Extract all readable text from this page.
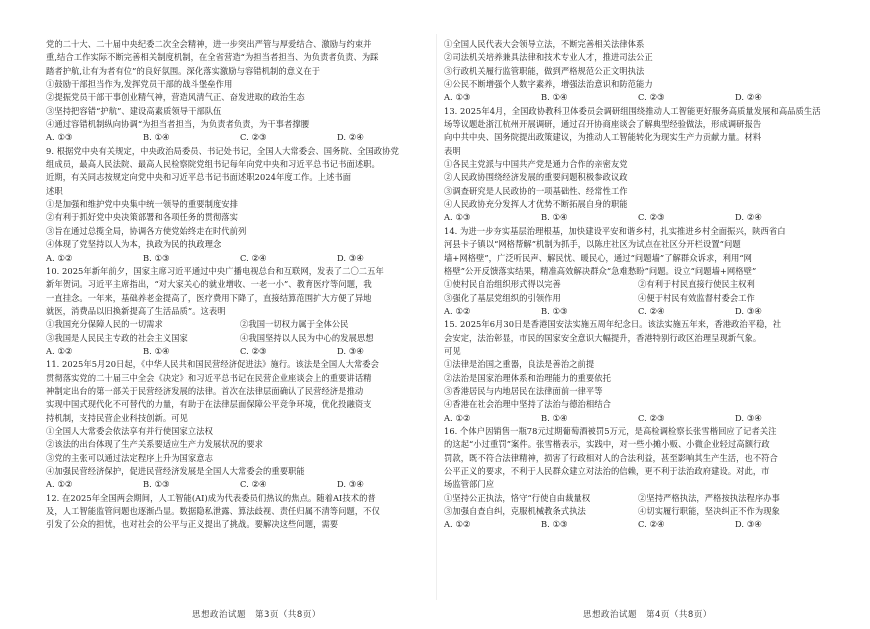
党的二十大、二十届中央纪委二次全会精神，进一步突出严管与厚爱结合、激励与约束并
重,结合工作实际不断完善相关制度机制，在全省营造“为担当者担当、为负责者负责、为踩
踏者护航,让有为者有位”的良好氛围。深化落实激励与容错机制的意义在于
①鼓励干部担当作为,发挥党员干部的战斗堡垒作用
②提振党员干部干事创业精气神，营造风清气正、奋发进取的政治生态
③坚持把容错“护航”、建设高素质领导干部队伍
④通过容错机制纵向协调“为担当者担当，为负责者负责，为干事者撑腰
A. ①③	B. ①④	C. ②③	D. ②④
9. 根据党中央有关规定，中央政治局委员、书记处书记，全国人大常委会、国务院、全国政协党
组成员，最高人民法院、最高人民检察院党组书记每年向党中央和习近平总书记书面述职。
近期，有关同志按规定向党中央和习近平总书记书面述职2024年度工作。上述书面
述职
①是加强和维护党中央集中统一领导的重要制度安排
②有利于抓好党中央决策部署和各项任务的贯彻落实
③旨在通过总揽全局，协调各方使党始终走在时代前列
④体现了党坚持以人为本，执政为民的执政理念
A. ①②	B. ①③	C. ②④	D. ③④
10. 2025年新年前夕，国家主席习近平通过中央广播电视总台和互联网，发表了二〇二五年
新年贺词。习近平主席指出，“对大家关心的就业增收、一老一小”、教育医疗等问题，我
一直挂念。一年来，基础养老金提高了，医疗费用下降了，直接结算范围扩大方便了异地
就医，消费品以旧换新提高了生活品质”。这表明
①我国充分保障人民的一切需求	②我国一切权力属于全体公民
③我国是人民民主专政的社会主义国家	④我国坚持以人民为中心的发展思想
A. ①②	B. ①④	C. ②③	D. ③④
11. 2025年5月20日起，《中华人民共和国民营经济促进法》施行。该法是全国人大常委会
贯彻落实党的二十届三中全会《决定》和习近平总书记在民营企业座谈会上的重要讲话精
神制定出台的第一部关于民营经济发展的法律。首次在法律层面确认了民营经济是推动
实现中国式现代化不可替代的力量，有助于在法律层面保障公平竞争环境，优化投融资支
持机制，支持民营企业科技创新。可见
①全国人大常委会依法享有并行使国家立法权
②该法的出台体现了生产关系要适应生产力发展状况的要求
③党的主张可以通过法定程序上升为国家意志
④加强民营经济保护，促进民营经济发展是全国人大常委会的重要职能
A. ①②	B. ①③	C. ②④	D. ③④
12. 在2025年全国两会期间，人工智能(AI)成为代表委员们热议的焦点。随着AI技术的普
及，人工智能监管问题也逐渐凸显。数据隐私泄露、算法歧视、责任归属不清等问题，不仅
引发了公众的担忧，也对社会的公平与正义提出了挑战。要解决这些问题，需要
①全国人民代表大会领导立法，不断完善相关法律体系
②司法机关培养兼具法律和技术专业人才，推进司法公正
③行政机关履行监管职能，做到严格规范公正文明执法
④公民不断增强个人数字素养，增强法治意识和防范能力
A. ①③	B. ①④	C. ②③	D. ②④
13. 2025年4月，全国政协教科卫体委员会调研组围绕推动人工智能更好服务高质量发展和高品质生活
场等议题赴浙江杭州开展调研，通过召开协商座谈会了解典型经验做法，形成调研报告
向中共中央、国务院提出政策建议，为推动人工智能转化为现实生产力贡献力量。材料
表明
①各民主党派与中国共产党是通力合作的亲密友党
②人民政协围绕经济发展的重要问题积极参政议政
③调查研究是人民政协的一项基础性、经常性工作
④人民政协充分发挥人才优势不断拓展自身的职能
A. ①③	B. ①④	C. ②③	D. ②④
14. 为进一步夯实基层治理根基，加快建设平安和谐乡村，扎实推进乡村全面振兴，陕西省白
河县卡子镇以“网格帮解”机制为抓手，以陈庄社区为试点在社区分开栏设置“问题
墙+网格壁”，广泛听民声、解民忧、暖民心，通过“问题墙”了解群众诉求，利用“网
格壁”公开反馈落实结果，精准高效解决群众“急难愁盼”问题。设立“问题墙+网格壁”
①使村民自治组织形式得以完善	②有利于村民直接行使民主权利
③强化了基层党组织的引领作用	④便于村民有效监督村委会工作
A. ①②	B. ①③	C. ②④	D. ③④
15. 2025年6月30日是香港国安法实施五周年纪念日。该法实施五年来，香港政治平稳，社
会安定，法治彰显，市民的国家安全意识大幅提升，香港特别行政区治理呈现新气象。
可见
①法律是治国之重器，良法是善治之前提
②法治是国家治理体系和治理能力的重要依托
③香港居民与内地居民在法律面前一律平等
④香港在社会治理中坚持了法治与德治相结合
A. ①②	B. ①④	C. ②③	D. ③④
16. 个体户因销售一瓶78元过期葡萄酒被罚5万元，是高检调检察长张雪楷回应了记者关注
的这起“小过重罚”案件。张雪楷表示，实践中，对一些小摊小贩、小微企业轻过高额行政
罚款，既不符合法律精神，损害了行政相对人的合法利益，甚至影响其生产生活，也不符合
公平正义的要求，不利于人民群众建立对法治的信赖，更不利于法治政府建设。对此，市
场监管部门应
①坚持公正执法，恪守“行使自由裁量权	②坚持严格执法，严格按执法程序办事
③加强自查自纠，克服机械教条式执法	④切实履行职能，坚决纠正不作为现象
A. ①②	B. ①③	C. ②④	D. ③④
思想政治试题　第3页（共8页）	思想政治试题　第4页（共8页）
